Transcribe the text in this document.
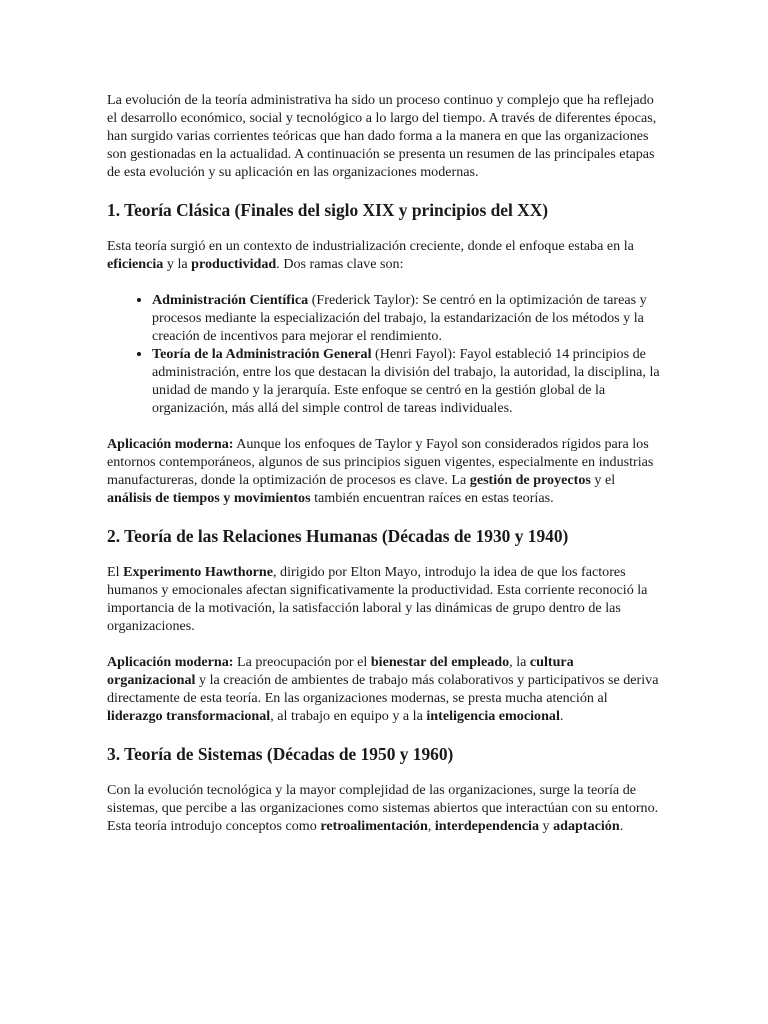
La evolución de la teoría administrativa ha sido un proceso continuo y complejo que ha reflejado el desarrollo económico, social y tecnológico a lo largo del tiempo. A través de diferentes épocas, han surgido varias corrientes teóricas que han dado forma a la manera en que las organizaciones son gestionadas en la actualidad. A continuación se presenta un resumen de las principales etapas de esta evolución y su aplicación en las organizaciones modernas.

1. Teoría Clásica (Finales del siglo XIX y principios del XX)

Esta teoría surgió en un contexto de industrialización creciente, donde el enfoque estaba en la eficiencia y la productividad. Dos ramas clave son:

• Administración Científica (Frederick Taylor): Se centró en la optimización de tareas y procesos mediante la especialización del trabajo, la estandarización de los métodos y la creación de incentivos para mejorar el rendimiento.
• Teoría de la Administración General (Henri Fayol): Fayol estableció 14 principios de administración, entre los que destacan la división del trabajo, la autoridad, la disciplina, la unidad de mando y la jerarquía. Este enfoque se centró en la gestión global de la organización, más allá del simple control de tareas individuales.

Aplicación moderna: Aunque los enfoques de Taylor y Fayol son considerados rígidos para los entornos contemporáneos, algunos de sus principios siguen vigentes, especialmente en industrias manufactureras, donde la optimización de procesos es clave. La gestión de proyectos y el análisis de tiempos y movimientos también encuentran raíces en estas teorías.

2. Teoría de las Relaciones Humanas (Décadas de 1930 y 1940)

El Experimento Hawthorne, dirigido por Elton Mayo, introdujo la idea de que los factores humanos y emocionales afectan significativamente la productividad. Esta corriente reconoció la importancia de la motivación, la satisfacción laboral y las dinámicas de grupo dentro de las organizaciones.

Aplicación moderna: La preocupación por el bienestar del empleado, la cultura organizacional y la creación de ambientes de trabajo más colaborativos y participativos se deriva directamente de esta teoría. En las organizaciones modernas, se presta mucha atención al liderazgo transformacional, al trabajo en equipo y a la inteligencia emocional.

3. Teoría de Sistemas (Décadas de 1950 y 1960)

Con la evolución tecnológica y la mayor complejidad de las organizaciones, surge la teoría de sistemas, que percibe a las organizaciones como sistemas abiertos que interactúan con su entorno. Esta teoría introdujo conceptos como retroalimentación, interdependencia y adaptación.
